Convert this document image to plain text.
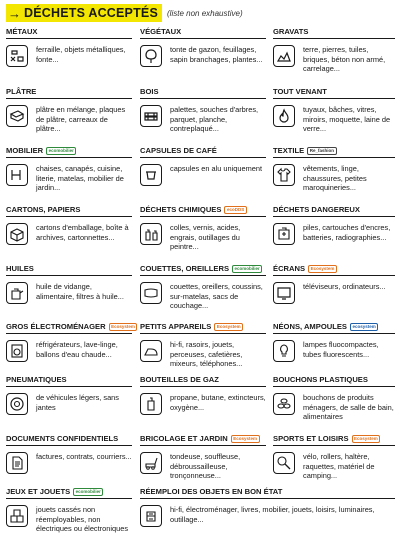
→ DÉCHETS ACCEPTÉS (liste non exhaustive)
MÉTAUX
ferraille, objets métalliques, fonte...
VÉGÉTAUX
tonte de gazon, feuillages, sapin branchages, plantes...
GRAVATS
terre, pierres, tuiles, briques, béton non armé, carrelage...
PLÂTRE
plâtre en mélange, plaques de plâtre, carreaux de plâtre...
BOIS
palettes, souches d'arbres, parquet, planche, contreplaqué...
TOUT VENANT
tuyaux, bâches, vitres, miroirs, moquette, laine de verre...
MOBILIER	ecomobilier
chaises, canapés, cuisine, literie, matelas, mobilier de jardin...
CAPSULES DE CAFÉ
capsules en alu uniquement
TEXTILE	Re_fashion
vêtements, linge, chaussures, petites maroquineries...
CARTONS, PAPIERS
cartons d'emballage, boîte à archives, cartonnettes...
DÉCHETS CHIMIQUES	ecoDDS
colles, vernis, acides, engrais, outillages du peintre...
DÉCHETS DANGEREUX
piles, cartouches d'encres, batteries, radiographies...
HUILES
huile de vidange, alimentaire, filtres à huile...
COUETTES, OREILLERS	ecomobilier
couettes, oreillers, coussins, sur-matelas, sacs de couchage...
ÉCRANS	Ecosystem
téléviseurs, ordinateurs...
GROS ÉLECTROMÉNAGER	Ecosystem
réfrigérateurs, lave-linge, ballons d'eau chaude...
PETITS APPAREILS	Ecosystem
hi-fi, rasoirs, jouets, perceuses, cafetières, mixeurs, téléphones...
NÉONS, AMPOULES	ecosystem
lampes fluocompactes, tubes fluorescents...
PNEUMATIQUES
de véhicules légers, sans jantes
BOUTEILLES DE GAZ
propane, butane, extincteurs, oxygène...
BOUCHONS PLASTIQUES
bouchons de produits ménagers, de salle de bain, alimentaires
DOCUMENTS CONFIDENTIELS
factures, contrats, courriers...
BRICOLAGE ET JARDIN	Ecosystem
tondeuse, souffleuse, débroussailleuse, tronçonneuse...
SPORTS ET LOISIRS	Ecosystem
vélo, rollers, haltère, raquettes, matériel de camping...
JEUX ET JOUETS	ecomobilier
jouets cassés non réemployables, non électriques ou électroniques
RÉEMPLOI DES OBJETS EN BON ÉTAT
hi-fi, électroménager, livres, mobilier, jouets, loisirs, luminaires, outillage...
